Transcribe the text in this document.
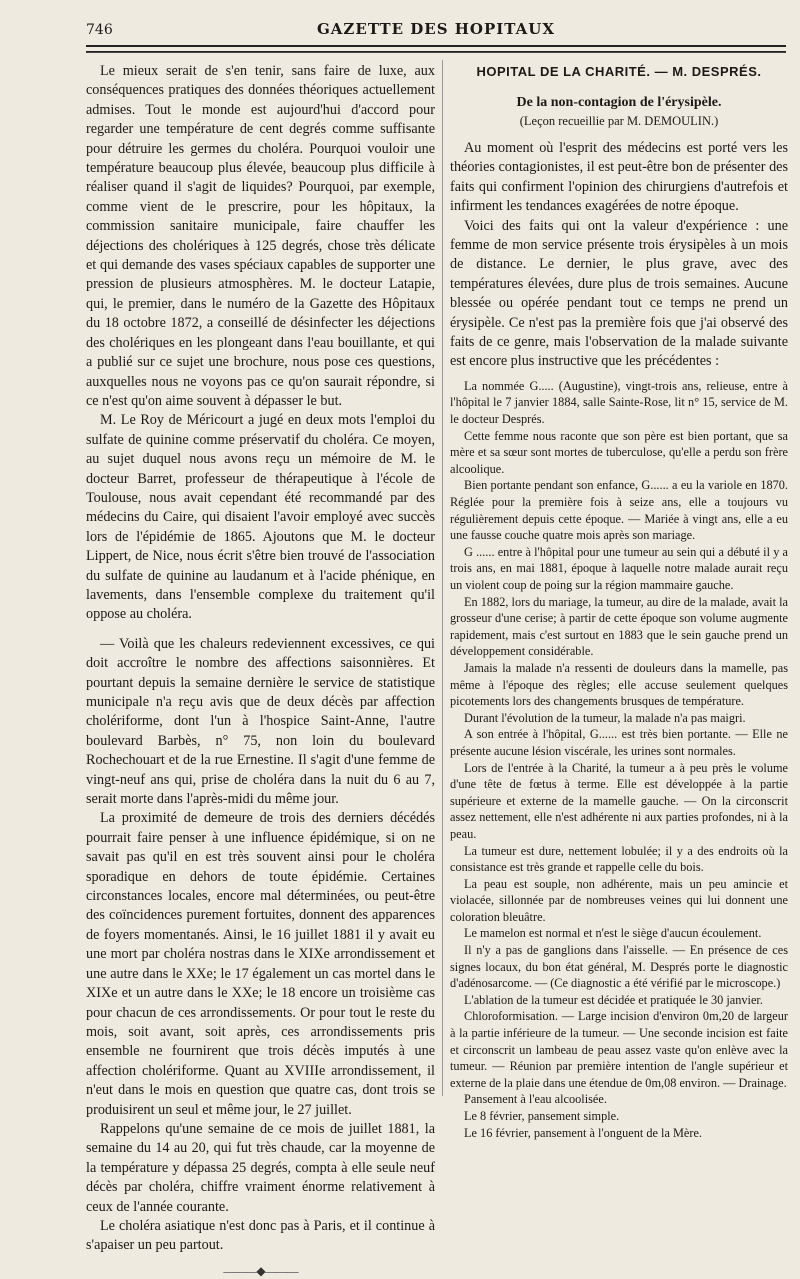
746	GAZETTE DES HOPITAUX

Le mieux serait de s'en tenir, sans faire de luxe, aux conséquences pratiques des données théoriques actuellement admises. Tout le monde est aujourd'hui d'accord pour regarder une température de cent degrés comme suffisante pour détruire les germes du choléra. Pourquoi vouloir une température beaucoup plus élevée, beaucoup plus difficile à réaliser quand il s'agit de liquides? Pourquoi, par exemple, comme vient de le prescrire, pour les hôpitaux, la commission sanitaire municipale, faire chauffer les déjections des cholériques à 125 degrés, chose très délicate et qui demande des vases spéciaux capables de supporter une pression de plusieurs atmosphères. M. le docteur Latapie, qui, le premier, dans le numéro de la Gazette des Hôpitaux du 18 octobre 1872, a conseillé de désinfecter les déjections des cholériques en les plongeant dans l'eau bouillante, et qui a publié sur ce sujet une brochure, nous pose ces questions, auxquelles nous ne voyons pas ce qu'on saurait répondre, si ce n'est qu'on aime souvent à dépasser le but.

M. Le Roy de Méricourt a jugé en deux mots l'emploi du sulfate de quinine comme préservatif du choléra. Ce moyen, au sujet duquel nous avons reçu un mémoire de M. le docteur Barret, professeur de thérapeutique à l'école de Toulouse, nous avait cependant été recommandé par des médecins du Caire, qui disaient l'avoir employé avec succès lors de l'épidémie de 1865. Ajoutons que M. le docteur Lippert, de Nice, nous écrit s'être bien trouvé de l'association du sulfate de quinine au laudanum et à l'acide phénique, en lavements, dans l'ensemble complexe du traitement qu'il oppose au choléra.

— Voilà que les chaleurs redeviennent excessives, ce qui doit accroître le nombre des affections saisonnières. Et pourtant depuis la semaine dernière le service de statistique municipale n'a reçu avis que de deux décès par affection cholériforme, dont l'un à l'hospice Saint-Anne, l'autre boulevard Barbès, n° 75, non loin du boulevard Rochechouart et de la rue Ernestine. Il s'agit d'une femme de vingt-neuf ans qui, prise de choléra dans la nuit du 6 au 7, serait morte dans l'après-midi du même jour.

La proximité de demeure de trois des derniers décédés pourrait faire penser à une influence épidémique, si on ne savait pas qu'il en est très souvent ainsi pour le choléra sporadique en dehors de toute épidémie. Certaines circonstances locales, encore mal déterminées, ou peut-être des coïncidences purement fortuites, donnent des apparences de foyers momentanés. Ainsi, le 16 juillet 1881 il y avait eu une mort par choléra nostras dans le XIXe arrondissement et une autre dans le XXe; le 17 également un cas mortel dans le XIXe et un autre dans le XXe; le 18 encore un troisième cas pour chacun de ces arrondissements. Or pour tout le reste du mois, soit avant, soit après, ces arrondissements pris ensemble ne fournirent que trois décès imputés à une affection cholériforme. Quant au XVIIIe arrondissement, il n'eut dans le mois en question que quatre cas, dont trois se produisirent un seul et même jour, le 27 juillet.

Rappelons qu'une semaine de ce mois de juillet 1881, la semaine du 14 au 20, qui fut très chaude, car la moyenne de la température y dépassa 25 degrés, compta à elle seule neuf décès par choléra, chiffre vraiment énorme relativement à ceux de l'année courante.

Le choléra asiatique n'est donc pas à Paris, et il continue à s'apaiser un peu partout.

———◆———
HOPITAL DE LA CHARITÉ. — M. DESPRÉS.
De la non-contagion de l'érysipèle.
(Leçon recueillie par M. DEMOULIN.)

Au moment où l'esprit des médecins est porté vers les théories contagionistes, il est peut-être bon de présenter des faits qui confirment l'opinion des chirurgiens d'autrefois et infirment les tendances exagérées de notre époque.

Voici des faits qui ont la valeur d'expérience : une femme de mon service présente trois érysipèles à un mois de distance. Le dernier, le plus grave, avec des températures élevées, dure plus de trois semaines. Aucune blessée ou opérée pendant tout ce temps ne prend un érysipèle. Ce n'est pas la première fois que j'ai observé des faits de ce genre, mais l'observation de la malade suivante est encore plus instructive que les précédentes :

La nommée G..... (Augustine), vingt-trois ans, relieuse, entre à l'hôpital le 7 janvier 1884, salle Sainte-Rose, lit n° 15, service de M. le docteur Després.

Cette femme nous raconte que son père est bien portant, que sa mère et sa sœur sont mortes de tuberculose, qu'elle a perdu son frère alcoolique.

Bien portante pendant son enfance, G...... a eu la variole en 1870. Réglée pour la première fois à seize ans, elle a toujours vu régulièrement depuis cette époque. — Mariée à vingt ans, elle a eu une fausse couche quatre mois après son mariage.

G ...... entre à l'hôpital pour une tumeur au sein qui a débuté il y a trois ans, en mai 1881, époque à laquelle notre malade aurait reçu un violent coup de poing sur la région mammaire gauche.

En 1882, lors du mariage, la tumeur, au dire de la malade, avait la grosseur d'une cerise; à partir de cette époque son volume augmente rapidement, mais c'est surtout en 1883 que le sein gauche prend un développement considérable.

Jamais la malade n'a ressenti de douleurs dans la mamelle, pas même à l'époque des règles; elle accuse seulement quelques picotements lors des changements brusques de température.

Durant l'évolution de la tumeur, la malade n'a pas maigri.

A son entrée à l'hôpital, G...... est très bien portante. — Elle ne présente aucune lésion viscérale, les urines sont normales.

Lors de l'entrée à la Charité, la tumeur a à peu près le volume d'une tête de fœtus à terme. Elle est développée à la partie supérieure et externe de la mamelle gauche. — On la circonscrit assez nettement, elle n'est adhérente ni aux parties profondes, ni à la peau.

La tumeur est dure, nettement lobulée; il y a des endroits où la consistance est très grande et rappelle celle du bois.

La peau est souple, non adhérente, mais un peu amincie et violacée, sillonnée par de nombreuses veines qui lui donnent une coloration bleuâtre.

Le mamelon est normal et n'est le siège d'aucun écoulement.

Il n'y a pas de ganglions dans l'aisselle. — En présence de ces signes locaux, du bon état général, M. Després porte le diagnostic d'adénosarcome. — (Ce diagnostic a été vérifié par le microscope.)

L'ablation de la tumeur est décidée et pratiquée le 30 janvier.

Chloroformisation. — Large incision d'environ 0m,20 de largeur à la partie inférieure de la tumeur. — Une seconde incision est faite et circonscrit un lambeau de peau assez vaste qu'on enlève avec la tumeur. — Réunion par première intention de l'angle supérieur et externe de la plaie dans une étendue de 0m,08 environ. — Drainage.

Pansement à l'eau alcoolisée.

Le 8 février, pansement simple.

Le 16 février, pansement à l'onguent de la Mère.
